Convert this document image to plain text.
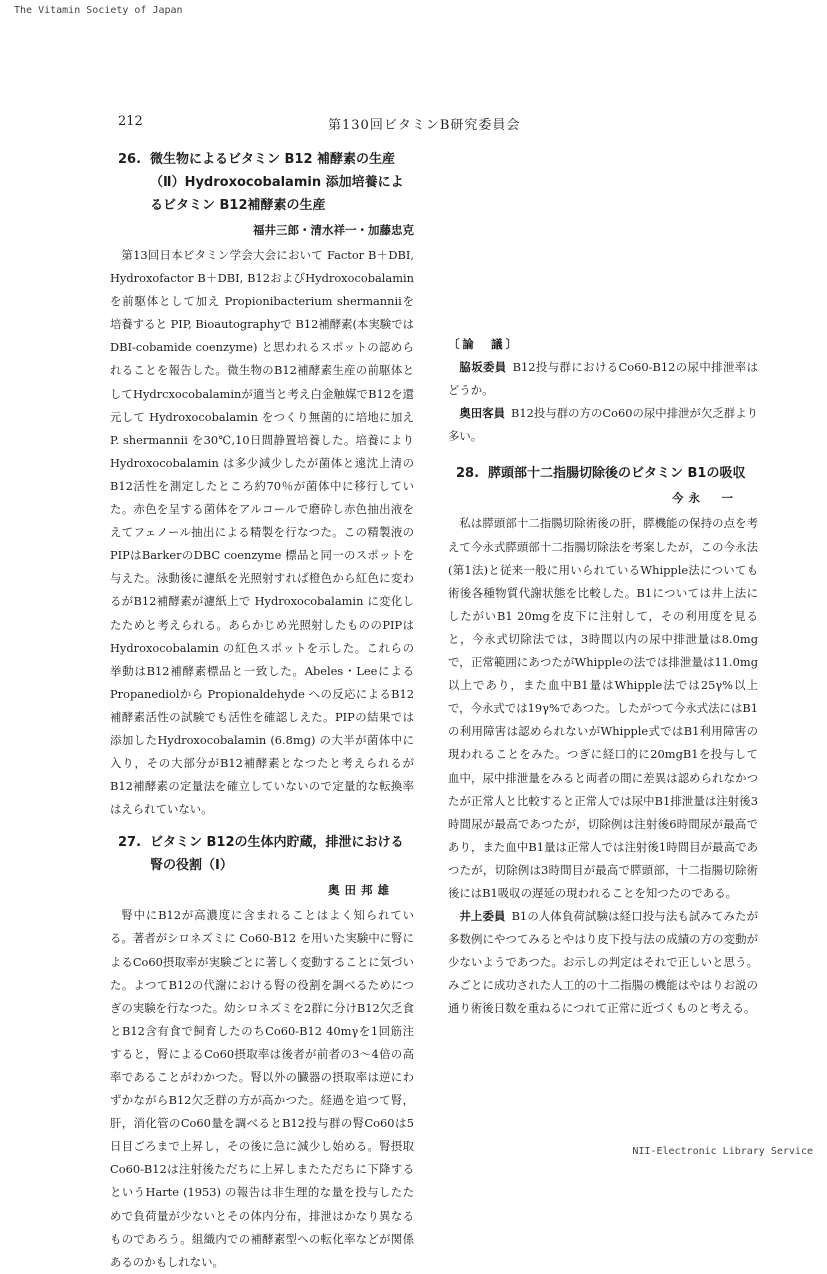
The Vitamin Society of Japan
212	第130回ビタミンB研究委員会
26. 微生物によるビタミン B12 補酵素の生産（Ⅱ）Hydroxocobalamin 添加培養によるビタミン B12補酵素の生産
福井三郎・清水祥一・加藤忠克

第13回日本ビタミン学会大会において Factor B＋DBI, Hydroxofactor B＋DBI, B12およびHydroxocobalamin を前駆体として加え Propionibacterium shermanniiを培養すると PIP, Bioautographyで B12補酵素(本実験では DBI-cobamide coenzyme) と思われるスポットの認められることを報告した。微生物のB12補酵素生産の前駆体としてHydrcxocobalaminが適当と考え白金触媒でB12を還元して Hydroxocobalamin をつくり無菌的に培地に加えP. shermannii を30℃,10日間静置培養した。培養により Hydroxocobalamin は多少減少したが菌体と遠沈上清のB12活性を測定したところ約70％が菌体中に移行していた。赤色を呈する菌体をアルコールで磨砕し赤色抽出液をえてフェノール抽出による精製を行なつた。この精製液のPIPはBarkerのDBC coenzyme 標品と同一のスポットを与えた。泳動後に濾紙を光照射すれば橙色から紅色に変わるがB12補酵素が濾紙上で Hydroxocobalamin に変化したためと考えられる。あらかじめ光照射したもののPIPはHydroxocobalamin の紅色スポットを示した。これらの挙動はB12補酵素標品と一致した。Abeles・LeeによるPropanediolから Propionaldehyde への反応によるB12補酵素活性の試験でも活性を確認しえた。PIPの結果では添加したHydroxocobalamin (6.8mg) の大半が菌体中に入り，その大部分がB12補酵素となつたと考えられるがB12補酵素の定量法を確立していないので定量的な転換率はえられていない。

27. ビタミン B12の生体内貯蔵，排泄における腎の役割（Ⅰ）
奥田邦雄

腎中にB12が高濃度に含まれることはよく知られている。著者がシロネズミに Co60-B12 を用いた実験中に腎によるCo60摂取率が実験ごとに著しく変動することに気づいた。よつてB12の代謝における腎の役割を調べるためにつぎの実験を行なつた。幼シロネズミを2群に分けB12欠乏食とB12含有食で飼育したのちCo60-B12 40mγを1回筋注すると，腎によるCo60摂取率は後者が前者の3～4倍の高率であることがわかつた。腎以外の臓器の摂取率は逆にわずかながらB12欠乏群の方が高かつた。経過を追つて腎，肝，消化管のCo60量を調べるとB12投与群の腎Co60は5日目ごろまで上昇し，その後に急に減少し始める。腎摂取Co60-B12は注射後ただちに上昇しまたただちに下降するというHarte (1953) の報告は非生理的な量を投与したためで負荷量が少ないとその体内分布，排泄はかなり異なるものであろう。組織内での補酵素型への転化率などが関係あるのかもしれない。

〔論　議〕

脇坂委員 B12投与群におけるCo60-B12の尿中排泄率はどうか。

奥田客員 B12投与群の方のCo60の尿中排泄が欠乏群より多い。

28. 膵頭部十二指腸切除後のビタミン B1の吸収
今永　一

私は膵頭部十二指腸切除術後の肝，膵機能の保持の点を考えて今永式膵頭部十二指腸切除法を考案したが，この今永法(第1法)と従来一般に用いられているWhipple法についても術後各種物質代謝状態を比較した。B1については井上法にしたがいB1 20mgを皮下に注射して，その利用度を見ると，今永式切除法では，3時間以内の尿中排泄量は8.0mgで，正常範囲にあつたがWhippleの法では排泄量は11.0mg以上であり，また血中B1量はWhipple法では25γ%以上で，今永式では19γ%であつた。したがつて今永式法にはB1の利用障害は認められないがWhipple式ではB1利用障害の現われることをみた。つぎに経口的に20mgB1を投与して血中，尿中排泄量をみると両者の間に差異は認められなかつたが正常人と比較すると正常人では尿中B1排泄量は注射後3時間尿が最高であつたが，切除例は注射後6時間尿が最高であり，また血中B1量は正常人では注射後1時間目が最高であつたが，切除例は3時間目が最高で膵頭部，十二指腸切除術後にはB1吸収の遅延の現われることを知つたのである。

井上委員 B1の人体負荷試験は経口投与法も試みてみたが多数例にやつてみるとやはり皮下投与法の成績の方の変動が少ないようであつた。お示しの判定はそれで正しいと思う。みごとに成功された人工的の十二指腸の機能はやはりお説の通り術後日数を重ねるにつれて正常に近づくものと考える。

NII-Electronic Library Service
